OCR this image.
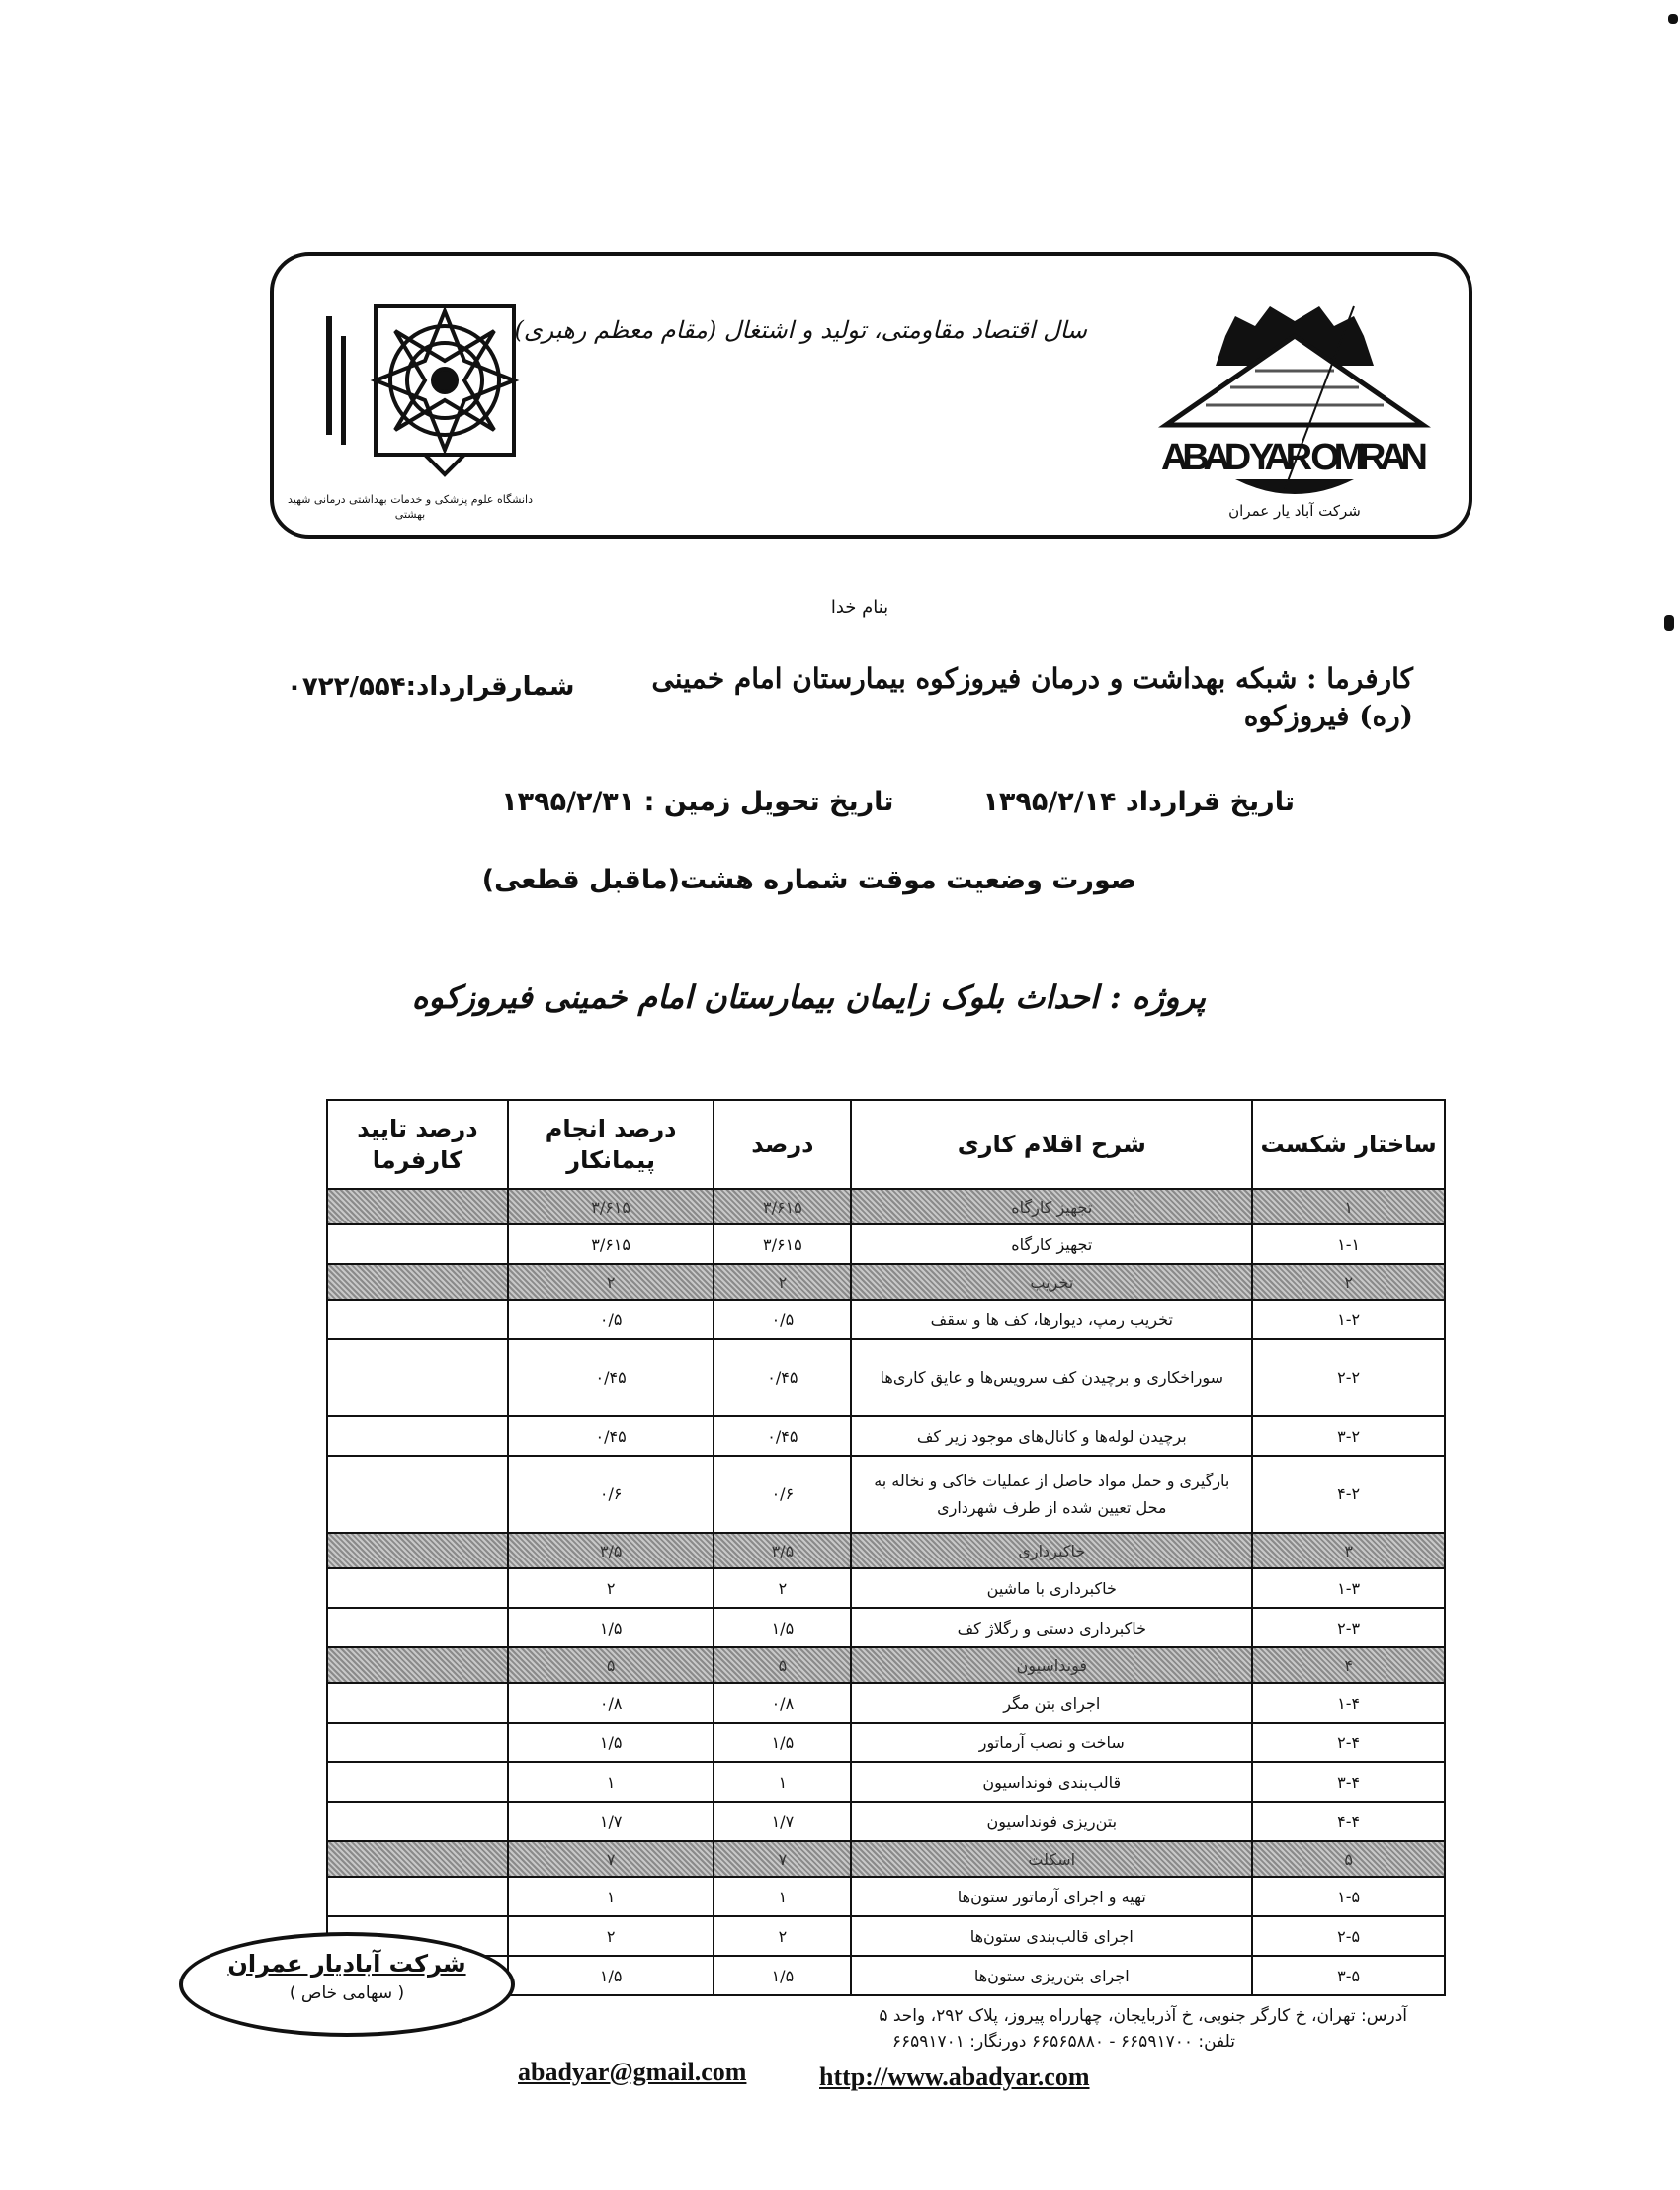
دانشگاه علوم پزشکی و خدمات بهداشتی درمانی شهید بهشتی
سال اقتصاد مقاومتی، تولید و اشتغال (مقام معظم رهبری)
ABAD YAR OMRAN
شرکت آباد یار عمران
بنام خدا
کارفرما : شبکه بهداشت و درمان فیروزکوه بیمارستان امام خمینی (ره) فیروزکوه
شمارقرارداد:۰۷۲۲/۵۵۴
تاریخ قرارداد ۱۳۹۵/۲/۱۴
تاریخ تحویل زمین : ۱۳۹۵/۲/۳۱
صورت وضعیت موقت شماره هشت(ماقبل قطعی)
پروژه : احداث بلوک زایمان بیمارستان امام خمینی فیروزکوه
ساختار شکست	شرح اقلام کاری	درصد	درصد انجام پیمانکار	درصد تایید کارفرما
۱	تجهیز کارگاه	۳/۶۱۵	۳/۶۱۵	
۱-۱	تجهیز کارگاه	۳/۶۱۵	۳/۶۱۵	
۲	تخریب	۲	۲	
۱-۲	تخریب رمپ، دیوارها، کف ها و سقف	۰/۵	۰/۵	
۲-۲	سوراخکاری و برچیدن کف سرویس‌ها و عایق کاری‌ها	۰/۴۵	۰/۴۵	
۳-۲	برچیدن لوله‌ها و کانال‌های موجود زیر کف	۰/۴۵	۰/۴۵	
۴-۲	بارگیری و حمل مواد حاصل از عملیات خاکی و نخاله به محل تعیین شده از طرف شهرداری	۰/۶	۰/۶	
۳	خاکبرداری	۳/۵	۳/۵	
۱-۳	خاکبرداری با ماشین	۲	۲	
۲-۳	خاکبرداری دستی و رگلاژ کف	۱/۵	۱/۵	
۴	فونداسیون	۵	۵	
۱-۴	اجرای بتن مگر	۰/۸	۰/۸	
۲-۴	ساخت و نصب آرماتور	۱/۵	۱/۵	
۳-۴	قالب‌بندی فونداسیون	۱	۱	
۴-۴	بتن‌ریزی فونداسیون	۱/۷	۱/۷	
۵	اسکلت	۷	۷	
۱-۵	تهیه و اجرای آرماتور ستون‌ها	۱	۱	
۲-۵	اجرای قالب‌بندی ستون‌ها	۲	۲	
۳-۵	اجرای بتن‌ریزی ستون‌ها	۱/۵	۱/۵	
شرکت آبادیار عمران
( سهامی خاص )
آدرس: تهران، خ کارگر جنوبی، خ آذربایجان، چهارراه پیروز، پلاک ۲۹۲، واحد ۵
تلفن: ۶۶۵۹۱۷۰۰ - ۶۶۵۶۵۸۸۰ دورنگار: ۶۶۵۹۱۷۰۱
abadyar@gmail.com	http://www.abadyar.com
